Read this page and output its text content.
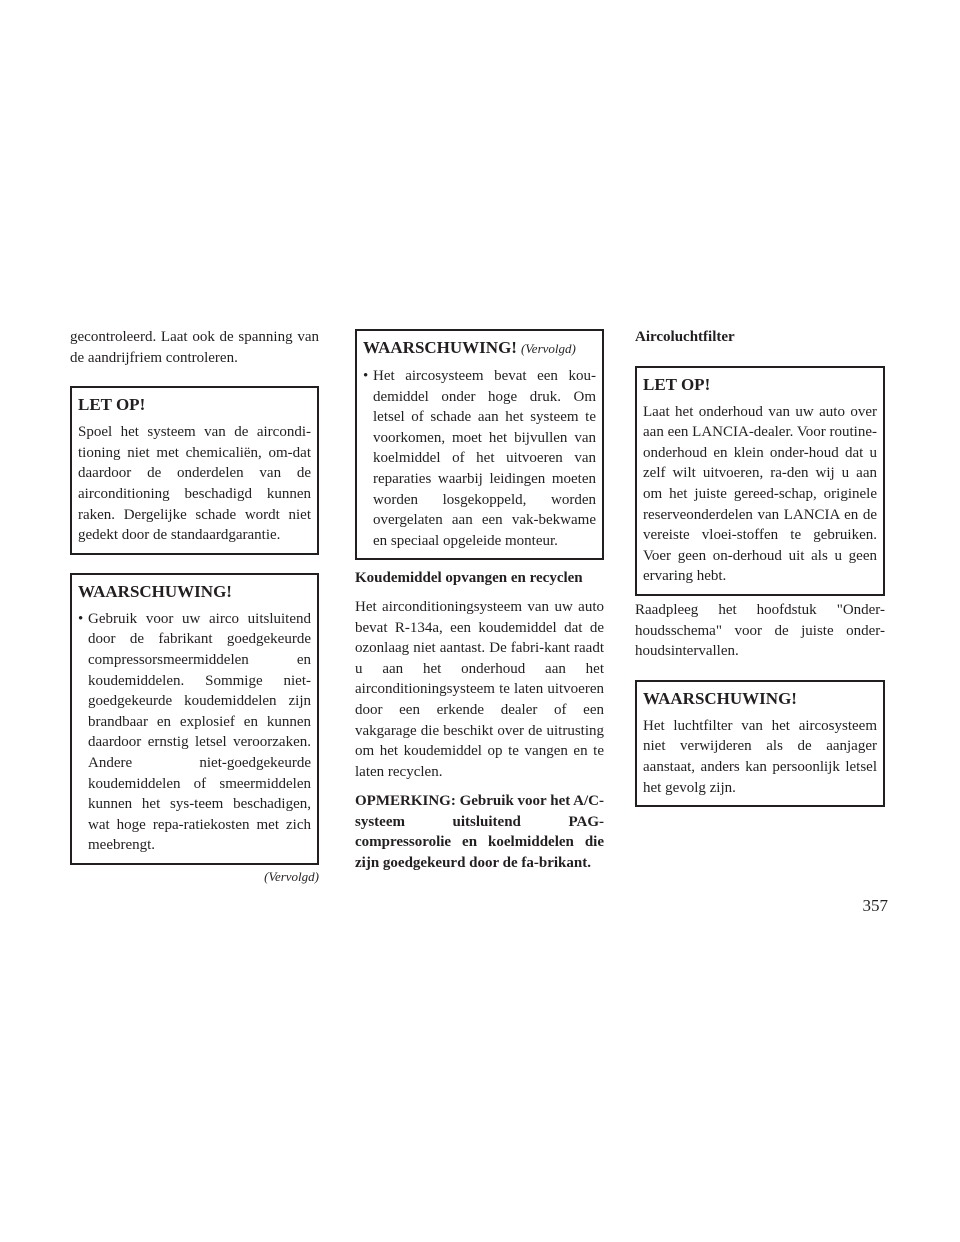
gecontroleerd. Laat ook de spanning van de aandrijfriem controleren.

LET OP!

Spoel het systeem van de aircondi-tioning niet met chemicaliën, om-dat daardoor de onderdelen van de airconditioning beschadigd kunnen raken. Dergelijke schade wordt niet gedekt door de standaardgarantie.

WAARSCHUWING!
• Gebruik voor uw airco uitsluitend door de fabrikant goedgekeurde compressorsmeermiddelen en koudemiddelen. Sommige niet-goedgekeurde koudemiddelen zijn brandbaar en explosief en kunnen daardoor ernstig letsel veroorzaken. Andere niet-goedgekeurde koudemiddelen of smeermiddelen kunnen het sys-teem beschadigen, wat hoge repa-ratiekosten met zich meebrengt.
(Vervolgd)
WAARSCHUWING! (Vervolgd)
• Het aircosysteem bevat een kou-demiddel onder hoge druk. Om letsel of schade aan het systeem te voorkomen, moet het bijvullen van koelmiddel of het uitvoeren van reparaties waarbij leidingen moeten worden losgekoppeld, worden overgelaten aan een vak-bekwame en speciaal opgeleide monteur.

Koudemiddel opvangen en recyclen

Het airconditioningsysteem van uw auto bevat R-134a, een koudemiddel dat de ozonlaag niet aantast. De fabri-kant raadt u aan het onderhoud aan het airconditioningsysteem te laten uitvoeren door een erkende dealer of een vakgarage die beschikt over de uitrusting om het koudemiddel op te vangen en te laten recyclen.

OPMERKING: Gebruik voor het A/C-systeem uitsluitend PAG-compressorolie en koelmiddelen die zijn goedgekeurd door de fa-brikant.

Aircoluchtfilter

LET OP!

Laat het onderhoud van uw auto over aan een LANCIA-dealer. Voor routine-onderhoud en klein onder-houd dat u zelf wilt uitvoeren, ra-den wij u aan om het juiste gereed-schap, originele reserveonderdelen van LANCIA en de vereiste vloei-stoffen te gebruiken. Voer geen on-derhoud uit als u geen ervaring hebt.

Raadpleeg het hoofdstuk "Onder-houdsschema" voor de juiste onder-houdsintervallen.

WAARSCHUWING!

Het luchtfilter van het aircosysteem niet verwijderen als de aanjager aanstaat, anders kan persoonlijk letsel het gevolg zijn.

357
